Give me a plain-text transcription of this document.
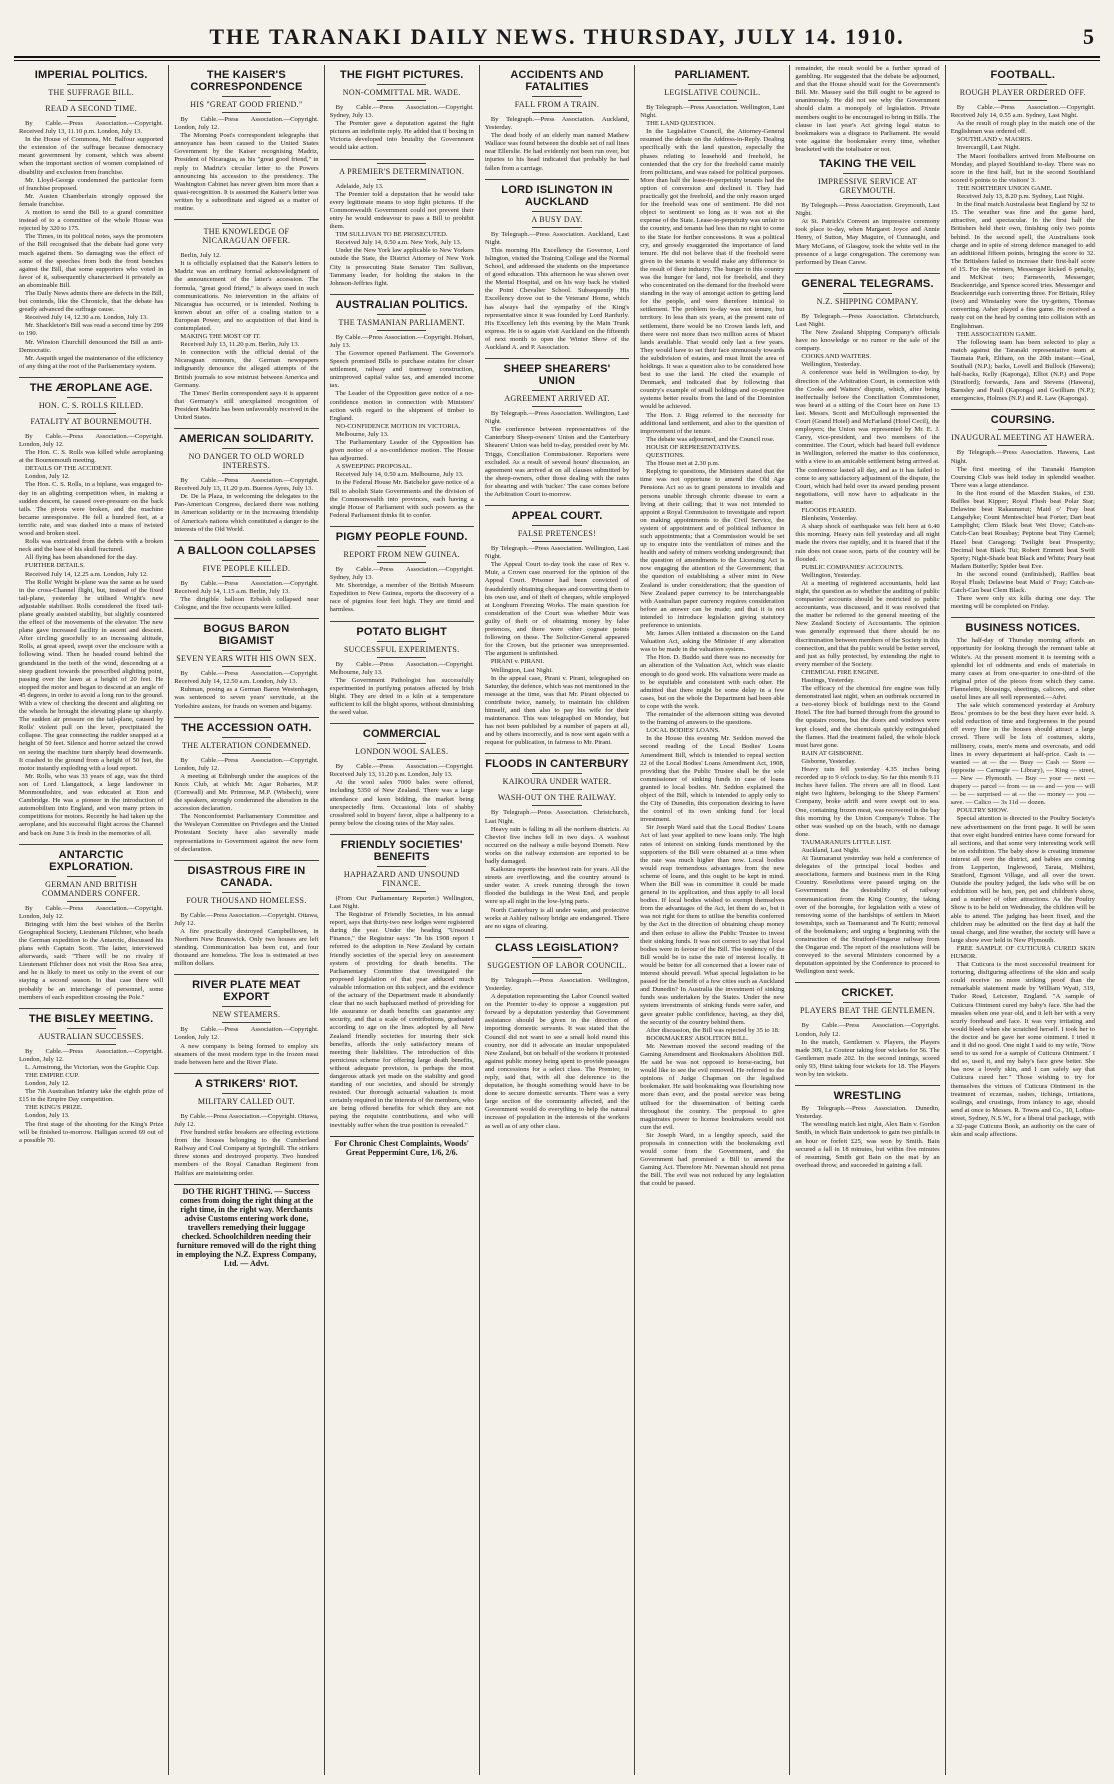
THE TARANAKI DAILY NEWS. THURSDAY, JULY 14. 1910.	5
IMPERIAL POLITICS.
THE SUFFRAGE BILL.
READ A SECOND TIME.

By Cable.—Press Association.—Copyright. Received July 13, 11.10 p.m. London, July 13.

In the House of Commons, Mr. Balfour supported the extension of the suffrage because democracy meant government by consent, which was absent when the important section of women complained of disability and exclusion from franchise.

Mr. Lloyd-George condemned the particular form of franchise proposed.

Mr. Austen Chamberlain strongly opposed the female franchise.

A motion to send the Bill to a grand committee instead of to a committee of the whole House was rejected by 320 to 175.

The Times, in its political notes, says the promoters of the Bill recognised that the debate had gone very much against them. So damaging was the effect of some of the speeches from both the front benches against the Bill, that some supporters who voted in favor of it, subsequently characterised it privately as an abominable Bill.

The Daily News admits there are defects in the Bill, but contends, like the Chronicle, that the debate has greatly advanced the suffrage cause.

Received July 14, 12.30 a.m. London, July 13.

Mr. Shackleton's Bill was read a second time by 299 to 190.

Mr. Winston Churchill denounced the Bill as anti-Democratic.

Mr. Asquith urged the maintenance of the efficiency of any thing at the root of the Parliamentary system.

THE ÆROPLANE AGE.
HON. C. S. ROLLS KILLED.
FATALITY AT BOURNEMOUTH.

By Cable.—Press Association.—Copyright. London, July 12.

The Hon. C. S. Rolls was killed while aeroplaning at the Bournemouth meeting.

DETAILS OF THE ACCIDENT.

London, July 12.

The Hon. C. S. Rolls, in a biplane, was engaged to-day in an alighting competition when, in making a sudden descent, he caused over-pressure on the back tails. The pivots were broken, and the machine became unresponsive. He fell a hundred feet, at a terrific rate, and was dashed into a mass of twisted wood and broken steel.

Rolls was extricated from the debris with a broken neck and the base of his skull fractured.

All flying has been abandoned for the day.

FURTHER DETAILS.

Received July 14, 12.25 a.m. London, July 12.

The Rolls' Wright bi-plane was the same as he used in the cross-Channel flight, but, instead of the fixed tail-plane, yesterday he utilised Wright's new adjustable stabiliser. Rolls considered the fixed tail-plane greatly assisted stability, but slightly countered the effect of the movements of the elevator. The new plane gave increased facility in ascent and descent. After circling gracefully to an increasing altitude, Rolls, at great speed, swept over the enclosure with a following wind. Then he headed round behind the grandstand in the teeth of the wind, descending at a steep gradient towards the prescribed alighting point, passing over the lawn at a height of 20 feet. He stopped the motor and began to descend at an angle of 45 degrees, in order to avoid a long run to the ground. With a view of checking the descent and alighting on the wheels he brought the elevating plane up sharply. The sudden air pressure on the tail-plane, caused by Rolls' violent pull on the lever, precipitated the collapse. The gear connecting the rudder snapped at a height of 50 feet. Silence and horror seized the crowd on seeing the machine turn sharply head downwards. It crashed to the ground from a height of 50 feet, the motor instantly exploding with a loud report.

Mr. Rolls, who was 33 years of age, was the third son of Lord Llangattock, a large landowner in Monmouthshire, and was educated at Eton and Cambridge. He was a pioneer in the introduction of automobilism into England, and won many prizes in competitions for motors. Recently he had taken up the aeroplane, and his successful flight across the Channel and back on June 3 is fresh in the memories of all.

ANTARCTIC EXPLORATION.
GERMAN AND BRITISH COMMANDERS CONFER.

By Cable.—Press Association.—Copyright. London, July 12.

Bringing with him the best wishes of the Berlin Geographical Society, Lieutenant Filchner, who heads the German expedition to the Antarctic, discussed his plans with Captain Scott. The latter, interviewed afterwards, said: "There will be no rivalry if Lieutenant Filchner does not visit the Ross Sea area, and he is likely to meet us only in the event of our staying a second season. In that case there will probably be an interchange of personnel, some members of each expedition crossing the Pole."

THE BISLEY MEETING.
AUSTRALIAN SUCCESSES.

By Cable.—Press Association.—Copyright. London, July 12.

L. Armstrong, the Victorian, won the Graphic Cup.

THE EMPIRE CUP.

London, July 12.

The 7th Australian Infantry take the eighth prize of £15 in the Empire Day competition.

THE KING'S PRIZE.

London, July 13.

The first stage of the shooting for the King's Prize will be finished to-morrow. Halligan scored 69 out of a possible 70.

THE KAISER'S CORRESPONDENCE
HIS "GREAT GOOD FRIEND."

By Cable.—Press Association.—Copyright. London, July 12.

The Morning Post's correspondent telegraphs that annoyance has been caused to the United States Government by the Kaiser recognising Madriz, President of Nicaragua, as his "great good friend," in reply to Madriz's circular letter to the Powers announcing his accession to the presidency. The Washington Cabinet has never given him more than a quasi-recognition. It is assumed the Kaiser's letter was written by a subordinate and signed as a matter of routine.

THE KNOWLEDGE OF NICARAGUAN OFFER.

Berlin, July 12.

It is officially explained that the Kaiser's letters to Madriz was an ordinary formal acknowledgment of the announcement of the latter's accession. The formula, "great good friend," is always used in such communications. No intervention in the affairs of Nicaragua has occurred, or is intended. Nothing is known about an offer of a coaling station to a European Power, and no acquisition of that kind is contemplated.

MAKING THE MOST OF IT.

Received July 13, 11.20 p.m. Berlin, July 13.

In connection with the official denial of the Nicaraguan rumours, the German newspapers indignantly denounce the alleged attempts of the British journals to sow mistrust between America and Germany.

The Times' Berlin correspondent says it is apparent that Germany's still unexplained recognition of President Madriz has been unfavorably received in the United States.

AMERICAN SOLIDARITY.
NO DANGER TO OLD WORLD INTERESTS.

By Cable.—Press Association.—Copyright. Received July 13, 11.20 p.m. Buenos Ayres, July 13.

Dr. De la Plaza, in welcoming the delegates to the Pan-American Congress, declared there was nothing in American solidarity or in the increasing friendship of America's nations which constituted a danger to the interests of the Old World.

A BALLOON COLLAPSES
FIVE PEOPLE KILLED.

By Cable.—Press Association.—Copyright. Received July 14, 1.15 a.m. Berlin, July 13.

The dirigible balloon Erbsloh collapsed near Cologne, and the five occupants were killed.

BOGUS BARON BIGAMIST
SEVEN YEARS WITH HIS OWN SEX.

By Cable.—Press Association.—Copyright. Received July 14, 12.50 a.m. London, July 13.

Ruhman, posing as a German Baron Westenhagen, was sentenced to seven years' servitude, at the Yorkshire assizes, for frauds on women and bigamy.

THE ACCESSION OATH.
THE ALTERATION CONDEMNED.

By Cable.—Press Association.—Copyright. London, July 12.

A meeting at Edinburgh under the auspices of the Knox Club, at which Mr. Agar Robartes, M.P. (Cornwall) and Mr. Primrose, M.P. (Wisbech), were the speakers, strongly condemned the alteration in the accession declaration.

The Nonconformist Parliamentary Committee and the Wesleyan Committee on Privileges and the United Protestant Society have also severally made representations to Government against the new form of declaration.

DISASTROUS FIRE IN CANADA.
FOUR THOUSAND HOMELESS.

By Cable.—Press Association.—Copyright. Ottawa, July 12.

A fire practically destroyed Campbelltown, in Northern New Brunswick. Only two houses are left standing. Communication has been cut, and four thousand are homeless. The loss is estimated at two million dollars.

RIVER PLATE MEAT EXPORT
NEW STEAMERS.

By Cable.—Press Association.—Copyright. London, July 12.

A new company is being formed to employ six steamers of the most modern type in the frozen meat trade between here and the River Plate.

A STRIKERS' RIOT.
MILITARY CALLED OUT.

By Cable.—Press Association.—Copyright. Ottawa, July 12.

Five hundred strike breakers are effecting evictions from the houses belonging to the Cumberland Railway and Coal Company at Springhill. The strikers threw stones and destroyed property. Two hundred members of the Royal Canadian Regiment from Halifax are maintaining order.

DO THE RIGHT THING. — Success comes from doing the right thing at the right time, in the right way. Merchants advise Customs entering work done, travellers remedying their luggage checked. Schoolchildren needing their furniture removed will do the right thing in employing the N.Z. Express Company, Ltd. — Advt.
THE FIGHT PICTURES.
NON-COMMITTAL MR. WADE.

By Cable.—Press Association.—Copyright. Sydney, July 13.

The Premier gave a deputation against the fight pictures an indefinite reply. He added that if boxing in Victoria developed into brutality the Government would take action.

A PREMIER'S DETERMINATION.

Adelaide, July 13.

The Premier told a deputation that he would take every legitimate means to stop fight pictures. If the Commonwealth Government could not prevent their entry he would endeavour to pass a Bill to prohibit them.

TIM SULLIVAN TO BE PROSECUTED.

Received July 14, 0.50 a.m. New York, July 13.

Under the New York law applicable to New Yorkers outside the State, the District Attorney of New York City is prosecuting State Senator Tim Sullivan, Tammany leader, for holding the stakes in the Johnson-Jeffries fight.

AUSTRALIAN POLITICS.
THE TASMANIAN PARLIAMENT.

By Cable.—Press Association.—Copyright. Hobart, July 13.

The Governor opened Parliament. The Governor's Speech promised Bills to purchase estates for closer settlement, railway and tramway construction, unimproved capital value tax, and amended income tax.

The Leader of the Opposition gave notice of a no-confidence motion in connection with Ministers' action with regard to the shipment of timber to England.

NO-CONFIDENCE MOTION IN VICTORIA.

Melbourne, July 13.

The Parliamentary Leader of the Opposition has given notice of a no-confidence motion. The House has adjourned.

A SWEEPING PROPOSAL.

Received July 14, 0.50 a.m. Melbourne, July 13.

In the Federal House Mr. Batchelor gave notice of a Bill to abolish State Governments and the division of the Commonwealth into provinces, each having a single House of Parliament with such powers as the Federal Parliament thinks fit to confer.

PIGMY PEOPLE FOUND.
REPORT FROM NEW GUINEA.

By Cable.—Press Association.—Copyright. Sydney, July 13.

Mr. Shortridge, a member of the British Museum Expedition to New Guinea, reports the discovery of a race of pigmies four feet high. They are timid and harmless.

POTATO BLIGHT
SUCCESSFUL EXPERIMENTS.

By Cable.—Press Association.—Copyright. Melbourne, July 13.

The Government Pathologist has successfully experimented in purifying potatoes affected by Irish blight. They are dried in a kiln at a temperature sufficient to kill the blight spores, without diminishing the seed value.

COMMERCIAL
LONDON WOOL SALES.

By Cable.—Press Association.—Copyright. Received July 13, 11.20 p.m. London, July 13.

At the wool sales 7000 bales were offered, including 5350 of New Zealand. There was a large attendance and keen bidding, the market being unexpectedly firm. Occasional lots of shabby crossbred sold in buyers' favor, slipe a halfpenny to a penny below the closing rates of the May sales.

FRIENDLY SOCIETIES' BENEFITS
HAPHAZARD AND UNSOUND FINANCE.

(From Our Parliamentary Reporter.) Wellington, Last Night.

The Registrar of Friendly Societies, in his annual report, says that thirty-two new lodges were registered during the year. Under the heading "Unsound Finance," the Registrar says: "In his 1908 report I referred to the adoption in New Zealand by certain friendly societies of the special levy on assessment system of providing for death benefits. The Parliamentary Committee that investigated the proposed legislation of that year adduced much valuable information on this subject, and the evidence of the actuary of the Department made it abundantly clear that no such haphazard method of providing for life assurance or death benefits can guarantee any security, and that a scale of contributions, graduated according to age on the lines adopted by all New Zealand friendly societies for insuring their sick benefits, affords the only satisfactory means of meeting their liabilities. The introduction of this pernicious scheme for offering large death benefits, without adequate provision, is perhaps the most dangerous attack yet made on the stability and good standing of our societies, and should be strongly resisted. Our thorough actuarial valuation is most certainly required in the interests of the members, who are being offered benefits for which they are not paying the requisite contributions, and who will inevitably suffer when the true position is revealed."

For Chronic Chest Complaints, Woods' Great Peppermint Cure, 1/6, 2/6.
ACCIDENTS AND FATALITIES
FALL FROM A TRAIN.

By Telegraph.—Press Association. Auckland, Yesterday.

The dead body of an elderly man named Mathew Wallace was found between the double set of rail lines near Ellerslie. He had evidently not been run over, but injuries to his head indicated that probably he had fallen from a carriage.

LORD ISLINGTON IN AUCKLAND
A BUSY DAY.

By Telegraph.—Press Association. Auckland, Last Night.

This morning His Excellency the Governor, Lord Islington, visited the Training College and the Normal School, and addressed the students on the importance of good education. This afternoon he was shown over the Mental Hospital, and on his way back he visited the Point Chevalier School. Subsequently His Excellency drove out to the Veterans' Home, which has always had the sympathy of the King's representative since it was founded by Lord Ranfurly. His Excellency left this evening by the Main Trunk express. He is to again visit Auckland on the fifteenth of next month to open the Winter Show of the Auckland A. and P. Association.

SHEEP SHEARERS' UNION
AGREEMENT ARRIVED AT.

By Telegraph.—Press Association. Wellington, Last Night.

The conference between representatives of the Canterbury Sheep-owners' Union and the Canterbury Shearers' Union was held to-day, presided over by Mr. Triggs, Conciliation Commissioner. Reporters were excluded. As a result of several hours' discussion, an agreement was arrived at on all clauses submitted by the sheep-owners, other those dealing with the rates for shearing and with 'tucker.' The case comes before the Arbitration Court to-morrow.

APPEAL COURT.
FALSE PRETENCES!

By Telegraph.—Press Association. Wellington, Last Night.

The Appeal Court to-day took the case of Rex v. Muir, a Crown case reserved for the opinion of the Appeal Court. Prisoner had been convicted of fraudulently obtaining cheques and converting them to his own use, and of theft of cheques, while employed at Longburn Freezing Works. The main question for consideration of the Court was whether Muir was guilty of theft or of obtaining money by false pretences, and there were other cognate points following on these. The Solicitor-General appeared for the Crown, but the prisoner was unrepresented. The argument is unfinished.

PIRANI v. PIRANI.

Wellington, Last Night.

In the appeal case, Pirani v. Pirani, telegraphed on Saturday, the defence, which was not mentioned in the message at the time, was that Mr. Pirani objected to contribute twice, namely, to maintain his children himself, and then also to pay his wife for their maintenance. This was telegraphed on Monday, but has not been published by a number of papers at all, and by others incorrectly, and is now sent again with a request for publication, in fairness to Mr. Pirani.

FLOODS IN CANTERBURY
KAIKOURA UNDER WATER.
WASH-OUT ON THE RAILWAY.

By Telegraph.—Press Association. Christchurch, Last Night.

Heavy rain is falling in all the northern districts. At Cheviot five inches fell in two days. A washout occurred on the railway a mile beyond Domett. New works on the railway extension are reported to be badly damaged.

Kaikoura reports the heaviest rain for years. All the streets are overflowing, and the country around is under water. A creek running through the town flooded the buildings in the West End, and people were up all night in the low-lying parts.

North Canterbury is all under water, and protective works at Ashley railway bridge are endangered. There are no signs of clearing.

CLASS LEGISLATION?
SUGGESTION OF LABOR COUNCIL.

By Telegraph.—Press Association. Wellington, Yesterday.

A deputation representing the Labor Council waited on the Premier to-day to oppose a suggestion put forward by a deputation yesterday that Government assistance should be given in the direction of importing domestic servants. It was stated that the Council did not want to see a small hold round this country, nor did it advocate an insular unpopulated New Zealand, but on behalf of the workers it protested against public money being spent to provide passages and concessions for a select class. The Premier, in reply, said that, with all due deference to the deputation, he thought something would have to be done to secure domestic servants. There was a very large section of the community affected, and the Government would do everything to help the natural increase of population in the interests of the workers as well as of any other class.

PARLIAMENT.
LEGISLATIVE COUNCIL.

By Telegraph.—Press Association. Wellington, Last Night.

THE LAND QUESTION.

In the Legislative Council, the Attorney-General resumed the debate on the Address-in-Reply. Dealing specifically with the land question, especially the phases relating to leasehold and freehold, he contended that the cry for the freehold came mainly from politicians, and was raised for political purposes. More than half the lease-in-perpetuity tenants had the option of conversion and declined it. They had practically got the freehold, and the only reason urged for the freehold was one of sentiment. He did not object to sentiment so long as it was not at the expense of the State. Lease-in-perpetuity was unfair to the country, and tenants had less than no right to come to the State for further concessions. It was a political cry, and grossly exaggerated the importance of land tenure. He did not believe that if the freehold were given to the tenants it would make any difference to the result of their industry. The hunger in this country was the hunger for land, not for freehold, and they who concentrated on the demand for the freehold were standing in the way of amongst action to getting land for the people, and were therefore inimical to settlement. The problem to-day was not tenure, but territory. In less than six years, at the present rate of settlement, there would be no Crown lands left, and there were not more than two million acres of Maori lands available. That would only last a few years. They would have to set their face strenuously towards the subdivision of estates, and must limit the area of holdings. It was a question also to be considered how best to use the land. He cited the example of Denmark, and indicated that by following that country's example of small holdings and co-operative systems better results from the land of the Dominion would be achieved.

The Hon. J. Rigg referred to the necessity for additional land settlement, and also to the question of improvement of the tenure.

The debate was adjourned, and the Council rose.

HOUSE OF REPRESENTATIVES.

QUESTIONS.

The House met at 2.30 p.m.

Replying to questions, the Ministers stated that the time was not opportune to amend the Old Age Pensions Act so as to grant pensions to invalids and persons unable through chronic disease to earn a living at their calling; that it was not intended to appoint a Royal Commission to investigate and report on making appointments to the Civil Service, the system of appointment and of political influence in such appointments; that a Commission would be set up to enquire into the ventilation of mines and the health and safety of miners working underground; that the question of amendments to the Licensing Act is now engaging the attention of the Government; that the question of establishing a silver mint in New Zealand is under consideration; that the question of New Zealand paper currency to be interchangeable with Australian paper currency requires consideration before an answer can be made; and that it is not intended to introduce legislation giving statutory preference to unionists.

Mr. James Allen initiated a discussion on the Land Valuation Act, asking the Minister if any alteration was to be made in the valuation system.

The Hon. D. Buddo said there was no necessity for an alteration of the Valuation Act, which was elastic enough to do good work. His valuations were made as to be equitable and consistent with each other. He admitted that there might be some delay in a few cases, but on the whole the Department had been able to cope with the work.

The remainder of the afternoon sitting was devoted to the framing of answers to the questions.

LOCAL BODIES' LOANS.

In the House this evening Mr. Seddon moved the second reading of the Local Bodies' Loans Amendment Bill, which is intended to repeal section 22 of the Local Bodies' Loans Amendment Act, 1908, providing that the Public Trustee shall be the sole commissioner of sinking funds in case of loans granted to local bodies. Mr. Seddon explained the object of the Bill, which is intended to apply only to the City of Dunedin, this corporation desiring to have the control of its own sinking fund for local investment.

Sir Joseph Ward said that the Local Bodies' Loans Act of last year applied to new loans only. The high rates of interest on sinking funds mentioned by the supporters of the Bill were obtained at a time when the rate was much higher than now. Local bodies would reap tremendous advantages from the new scheme of loans, and this ought to be kept in mind. When the Bill was in committee it could be made general in its application, and thus apply to all local bodies. If local bodies wished to exempt themselves from the advantages of the Act, let them do so, but it was not right for them to utilise the benefits conferred by the Act in the direction of obtaining cheap money and then refuse to allow the Public Trustee to invest their sinking funds. It was not correct to say that local bodies were in favour of the Bill. The tendency of the Bill would be to raise the rate of interest locally. It would be better for all concerned that a lower rate of interest should prevail. What special legislation to be passed for the benefit of a few cities such as Auckland and Dunedin? In Australia the investment of sinking funds was undertaken by the States. Under the new system investments of sinking funds were safer, and gave greater public confidence, having, as they did, the security of the country behind them.

After discussion, the Bill was rejected by 35 to 18.

BOOKMAKERS' ABOLITION BILL.

Mr. Newman moved the second reading of the Gaming Amendment and Bookmakers Abolition Bill. He said he was not opposed to horse-racing, but would like to see the evil removed. He referred to the opinions of Judge Chapman on the legalised bookmaker. He said bookmaking was flourishing now more than ever, and the postal service was being utilised for the dissemination of betting cards throughout the country. The proposal to give magistrates power to license bookmakers would not cure the evil.

Sir Joseph Ward, in a lengthy speech, said the proposals in connection with the bookmaking evil would come from the Government, and the Government had promised a Bill to amend the Gaming Act. Therefore Mr. Newman should not press the Bill. The evil was not reduced by any legislation that could be passed.

remainder, the result would be a further spread of gambling. He suggested that the debate be adjourned, and that the House should wait for the Government's Bill. Mr. Massey said the Bill ought to be agreed to unanimously. He did not see why the Government should claim a monopoly of legislation. Private members ought to be encouraged to bring in Bills. The clause in last year's Act giving legal status to bookmakers was a disgrace to Parliament. He would vote against the bookmaker every time, whether bracketed with the totalisator or not.

TAKING THE VEIL
IMPRESSIVE SERVICE AT GREYMOUTH.

By Telegraph.—Press Association. Greymouth, Last Night.

At St. Patrick's Convent an impressive ceremony took place to-day, when Margaret Joyce and Annie Henry, of Sutton, May Maguire, of Cunnaught, and Mary McGann, of Glasgow, took the white veil in the presence of a large congregation. The ceremony was performed by Dean Carew.

GENERAL TELEGRAMS.
N.Z. SHIPPING COMPANY.

By Telegraph.—Press Association. Christchurch, Last Night.

The New Zealand Shipping Company's officials have no knowledge or no rumor re the sale of the company.

COOKS AND WAITERS.

Wellington, Yesterday.

A conference was held in Wellington to-day, by direction of the Arbitration Court, in connection with the Cooks and Waiters' dispute, which, after being ineffectually before the Conciliation Commissioner, was heard at a sitting of the Court here on June 13 last. Messrs. Scott and McCullough represented the Court (Grand Hotel) and McFarland (Hotel Cecil), the employers; the Union was represented by Mr. E. J. Carey, vice-president, and two members of the committee. The Court, which had heard full evidence in Wellington, referred the matter to this conference, with a view to an amicable settlement being arrived at. The conference lasted all day, and as it has failed to come to any satisfactory adjustment of the dispute, the Court, which had held over its award pending present negotiations, will now have to adjudicate in the matter.

FLOODS FEARED.

Blenheim, Yesterday.

A sharp shock of earthquake was felt here at 6.40 this morning. Heavy rain fell yesterday and all night made the rivers rise rapidly, and it is feared that if the rain does not cease soon, parts of the country will be flooded.

PUBLIC COMPANIES' ACCOUNTS.

Wellington, Yesterday.

At a meeting of registered accountants, held last night, the question as to whether the auditing of public companies' accounts should be restricted to public accountants, was discussed, and it was resolved that the matter be referred to the general meeting of the New Zealand Society of Accountants. The opinion was generally expressed that there should be no discrimination between members of the Society in this connection, and that the public would be better served, and just as fully protected, by extending the right to every member of the Society.

CHEMICAL FIRE ENGINE.

Hastings, Yesterday.

The efficacy of the chemical fire engine was fully demonstrated last night, when an outbreak occurred in a two-storey block of buildings next to the Grand Hotel. The fire had burned through from the ground to the upstairs rooms, but the doors and windows were kept closed, and the chemicals quickly extinguished the flames. Had the treatment failed, the whole block must have gone.

RAIN AT GISBORNE.

Gisborne, Yesterday.

Heavy rain fell yesterday 4.35 inches being recorded up to 9 o'clock to-day. So far this month 9.11 inches have fallen. The rivers are all in flood. Last night two lighters, belonging to the Sheep Farmers' Company, broke adrift and were swept out to sea. One, containing frozen meat, was recovered in the bay this morning by the Union Company's Tuhoe. The other was washed up on the beach, with no damage done.

TAUMARANUI'S LITTLE LIST.

Auckland, Last Night.

At Taumaranui yesterday was held a conference of delegates of the principal local bodies and associations, farmers and business men in the King Country. Resolutions were passed urging on the Government the desirability of railway communication from the King Country, the taking over of the boroughs, for legislation with a view of removing some of the hardships of settlers in Maori townships, such as Taumaranui and Te Kuiti; removal of the bookmakers; and urging a beginning with the construction of the Stratford-Ongarue railway from the Ongarue end. The report of the resolutions will be conveyed to the several Ministers concerned by a deputation appointed by the Conference to proceed to Wellington next week.

CRICKET.
PLAYERS BEAT THE GENTLEMEN.

By Cable.—Press Association.—Copyright. London, July 12.

In the match, Gentlemen v. Players, the Players made 309, Le Couteur taking four wickets for 56. The Gentlemen made 202. In the second innings, scored only 93, Hirst taking four wickets for 18. The Players won by ten wickets.

WRESTLING

By Telegraph.—Press Association. Dunedin, Yesterday.

The wrestling match last night, Alex Bain v. Gordon Smith, in which Bain undertook to gain two pinfalls in an hour or forfeit £25, was won by Smith. Bain secured a fall in 18 minutes, but within five minutes of resuming, Smith got Bain on the mat by an overhead throw, and succeeded in gaining a fall.

FOOTBALL.
ROUGH PLAYER ORDERED OFF.

By Cable.—Press Association.—Copyright. Received July 14, 0.55 a.m. Sydney, Last Night.

As the result of rough play in the match one of the Englishmen was ordered off.

SOUTHLAND v. MAORIS.

Invercargill, Last Night.

The Maori footballers arrived from Melbourne on Monday, and played Southland to-day. There was no score in the first half, but in the second Southland scored 6 points to the visitors' 3.

THE NORTHERN UNION GAME.

Received July 13, 8.20 p.m. Sydney, Last Night.

In the final match Australasia beat England by 32 to 15. The weather was fine and the game hard, attractive, and spectacular. In the first half the Britishers held their own, finishing only two points behind. In the second spell, the Australians took charge and in spite of strong defence managed to add an additional fifteen points, bringing the score to 32. The Britishers failed to increase their first-half score of 15. For the winners, Messenger kicked 6 penalty, and McKivat two; Farnsworth, Messenger, Brackenridge, and Spence scored tries. Messenger and Brackenridge each converting three. For Britain, Riley (two) and Winstanley were the try-getters, Thomas converting. Asher played a fine game. He received a nasty cut on the head by coming into collision with an Englishman.

THE ASSOCIATION GAME.

The following team has been selected to play a match against the Taranaki representative team at Taumata Park, Eltham, on the 20th instant:—Goal, Southall (N.P.); backs, Lovell and Bullock (Hawera); half-backs, Kelly (Kaponga), Elliot (N.P.) and Pope (Stratford); forwards, Jans and Stevens (Hawera), Barnsley and Paull (Kaponga) and Gwilliam (N.P.); emergencies, Holmes (N.P.) and R. Law (Kaponga).

COURSING.
INAUGURAL MEETING AT HAWERA.

By Telegraph.—Press Association. Hawera, Last Night.

The first meeting of the Taranaki Hampton Coursing Club was held today in splendid weather. There was a large attendance.

In the first round of the Maxden Stakes, of £30. Raffles beat Kipper; Royal Flush beat Polar Star; Delawine beat Rakaunanui; Maid o' Fray beat Langsdyke; Count Menteschief beat Forter; Dart beat Lamplight; Clem Black beat Wet Dove; Catch-as-Catch-Can beat Rousbay; Peptone beat Tiny Carmel; Hazel beat Caragong; Twilight beat Prosperity; Decimal beat Black Tui; Robert Emmett beat Swift Sporty; Night-Shade beat Black and White; Peary beat Madam Butterfly; Spider beat Eve.

In the second round (unfinished), Raffles beat Royal Flush; Delawine beat Maid o' Fray; Catch-as-Catch-Can beat Clem Black.

There were only six kills during one day. The meeting will be completed on Friday.

BUSINESS NOTICES.

The half-day of Thursday morning affords an opportunity for looking through the remnant table at White's. At the present moment it is teeming with a splendid lot of oddments and ends of materials in many cases at from one-quarter to one-third of the original price of the pieces from which they came. Flannelette, blousings, sheetings, calicoes, and other useful lines are all well represented.—Advt.

The sale which commenced yesterday at Ambury Bros.' promises to be the best they have ever held. A solid reduction of time and forgiveness in the pound off every line in the houses should attract a large crowd. There will be lots of costumes, skirts, millinery, coats, men's mens and overcoats, and odd lines in every department at half-price. Cash is — wanted — at — the — Busy — Cash — Store — (opposite — Carnegie — Library), — King — street, — New — Plymouth. — Buy — your — next — drapery — parcel — from — us — and — you — will — be — surprised — at — the — money — you — save. — Calico — 3s 11d — dozen.

POULTRY SHOW.

Special attention is directed to the Poultry Society's new advertisement on the front page. It will be seen that over eight hundred entries have come forward for all sections, and that some very interesting work will be on exhibition. The baby show is creating immense interest all over the district, and babies are coming from Lepperton, Inglewood, Tarata, Midhirst, Stratford, Egmont Village, and all over the town. Outside the poultry judged, the lads who will be on exhibition will be hen, pen, pet and children's show, and a number of other attractions. As the Poultry Show is to be held on Wednesday, the children will be able to attend. The judging has been fixed, and the children may be admitted on the first day at half the usual charge, and fine weather, the society will have a large show ever held in New Plymouth.

FREE SAMPLE OF CUTICURA CURED SKIN HUMOR.

That Cuticura is the most successful treatment for torturing, disfiguring affections of the skin and scalp could receive no more striking proof than the remarkable statement made by William Wyatt, 319, Tudor Road, Leicester, England. "A sample of Cuticura Ointment cured my baby's face. She had the measles when one year old, and it left her with a very scurfy forehead and face. It was very irritating and would bleed when she scratched herself. I took her to the doctor and he gave her some ointment. I tried it and it did no good. One night I said to my wife, 'Now send to us send for a sample of Cuticura Ointment.' I did so, used it, and my baby's face grew better. She has now a lovely skin, and I can safely say that Cuticura cured her." Those wishing to try for themselves the virtues of Cuticura Ointment in the treatment of eczemas, rashes, itchings, irritations, scalings, and crustings, from infancy to age, should send at once to Messrs. R. Towns and Co., 10, Loftus-street, Sydney, N.S.W., for a liberal trial package, with a 32-page Cuticura Book, an authority on the care of skin and scalp affections.
